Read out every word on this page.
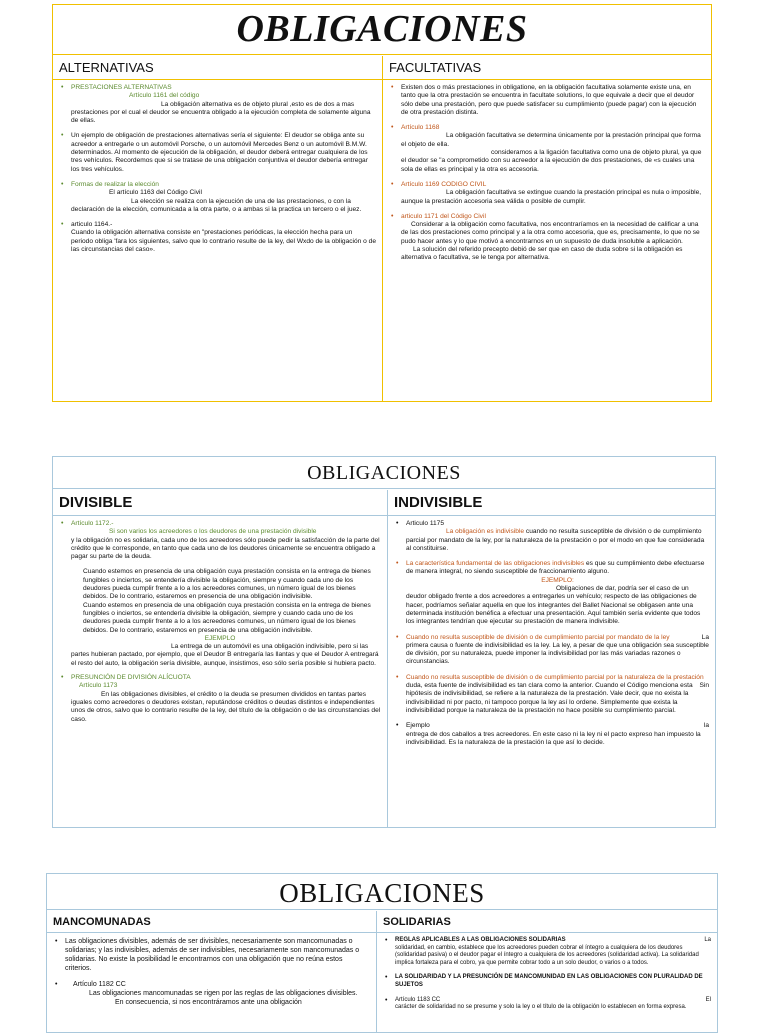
OBLIGACIONES
ALTERNATIVAS
• PRESTACIONES ALTERNATIVAS

Artículo 1161 del código

La obligación alternativa es de objeto plural ,esto es de dos a mas prestaciones por el cual el deudor se encuentra obligado a la ejecución completa de solamente alguna de ellas.

• Un ejemplo de obligación de prestaciones alternativas sería el siguiente: El deudor se obliga ante su acreedor a entregarle o un automóvil Porsche, o un automóvil Mercedes Benz o un automóvil B.M.W. determinados. Al momento de ejecución de la obligación, el deudor deberá entregar cualquiera de los tres vehículos. Recordemos que si se tratase de una obligación conjuntiva el deudor debería entregar los tres vehículos.

• Formas de realizar la elección

El artículo 1163 del Código Civil

La elección se realiza con la ejecución de una de las prestaciones, o con la declaración de la elección, comunicada a la otra parte, o a ambas si la practica un tercero o el juez.

• articulo 1164.-

Cuando la obligación alternativa consiste en "prestaciones periódicas, la elección hecha para un periodo obliga 'fara los siguientes, salvo que lo contrario resulte de la ley, del Wxdo de la obligación o de las circunstancias del caso».

FACULTATIVAS
• Existen dos o más prestaciones in obligatione, en la obligación facultativa solamente existe una, en tanto que la otra prestación se encuentra in facultate solutions, lo que equivale a decir que el deudor sólo debe una prestación, pero que puede satisfacer su cumplimiento (puede pagar) con la ejecución de otra prestación distinta.

• Artículo 1168

La obligación facultativa se determina únicamente por la prestación principal que forma el objeto de ella.

consideramos a la ligación facultativa como una de objeto plural, ya que el deudor se "a comprometido con su acreedor a la ejecución de dos prestaciones, de «s cuales una sola de ellas es principal y la otra es accesoria.

• Artículo 1169 CODIGO CIVIL

La obligación facultativa se extingue cuando la prestación principal es nula o imposible, aunque la prestación accesoria sea válida o posible de cumplir.

• articulo 1171 del Código Civil

Considerar a la obligación como facultativa, nos encontraríamos en la necesidad de calificar a una de las dos prestaciones como principal y a la otra como accesoria, que es, precisamente, lo que no se pudo hacer antes y lo que motivó a encontrarnos en un supuesto de duda insoluble a aplicación.

La solución del referido precepto debió de ser que en caso de duda sobre si la obligación es alternativa o facultativa, se le tenga por alternativa.

OBLIGACIONES
DIVISIBLE
• Artículo 1172.-

Si son varios los acreedores o los deudores de una prestación divisible

y la obligación no es solidaria, cada uno de los acreedores sólo puede pedir la satisfacción de la parte del crédito que le corresponde, en tanto que cada uno de los deudores únicamente se encuentra obligado a pagar su parte de la deuda.

Cuando estemos en presencia de una obligación cuya prestación consista en la entrega de bienes fungibles o inciertos, se entendería divisible la obligación, siempre y cuando cada uno de los deudores pueda cumplir frente a lo a los acreedores comunes, un número igual de los bienes debidos. De lo contrario, estaremos en presencia de una obligación indivisible.

Cuando estemos en presencia de una obligación cuya prestación consista en la entrega de bienes fungibles o inciertos, se entendería divisible la obligación, siempre y cuando cada uno de los deudores pueda cumplir frente a lo a los acreedores comunes, un número igual de los bienes debidos. De lo contrario, estaremos en presencia de una obligación indivisible.

EJEMPLO

La entrega de un automóvil es una obligación indivisible, pero si las partes hubieran pactado, por ejemplo, que el Deudor B entregaría las llantas y que el Deudor A entregará el resto del auto, la obligación sería divisible, aunque, insistimos, eso sólo sería posible si hubiera pacto.

• PRESUNCIÓN DE DIVISIÓN ALÍCUOTA

Artículo 1173

En las obligaciones divisibles, el crédito o la deuda se presumen divididos en tantas partes iguales como acreedores o deudores existan, reputándose créditos o deudas distintos e independientes unos de otros, salvo que lo contrario resulte de la ley, del título de la obligación o de las circunstancias del caso.

INDIVISIBLE
• Articulo 1175

La obligación es indivisible cuando no resulta susceptible de división o de cumplimiento parcial por mandato de la ley, por la naturaleza de la prestación o por el modo en que fue considerada al constituirse.

• La característica fundamental de las obligaciones indivisibles es que su cumplimiento debe efectuarse de manera integral, no siendo susceptible de fraccionamiento alguno.

EJEMPLO:

Obligaciones de dar, podría ser el caso de un deudor obligado frente a dos acreedores a entregarles un vehículo; respecto de las obligaciones de hacer, podríamos señalar aquella en que los integrantes del Ballet Nacional se obligasen ante una determinada institución benéfica a efectuar una presentación. Aquí también sería evidente que todos los integrantes tendrían que ejecutar su prestación de manera indivisible.

• Cuando no resulta susceptible de división o de cumplimiento parcial por mandato de la ley	La

primera causa o fuente de indivisibilidad es la ley. La ley, a pesar de que una obligación sea susceptible de división, por su naturaleza, puede imponer la indivisibilidad por las más variadas razones o circunstancias.

• Cuando no resulta susceptible de división o de cumplimiento parcial por la naturaleza de la prestación
Sin

duda, esta fuente de indivisibilidad es tan clara como la anterior. Cuando el Código menciona esta hipótesis de indivisibilidad, se refiere a la naturaleza de la prestación. Vale decir, que no exista la indivisibilidad ni por pacto, ni tampoco porque la ley así lo ordene. Simplemente que exista la indivisibilidad porque la naturaleza de la prestación no hace posible su cumplimiento parcial.

• Ejemplo	la

entrega de dos caballos a tres acreedores. En este caso ni la ley ni el pacto expreso han impuesto la indivisibilidad. Es la naturaleza de la prestación la que así lo decide.

OBLIGACIONES
MANCOMUNADAS
• Las obligaciones divisibles, además de ser divisibles, necesariamente son mancomunadas o solidarias; y las indivisibles, además de ser indivisibles, necesariamente son mancomunadas o solidarias. No existe la posibilidad le encontrarnos con una obligación que no reúna estos criterios.

•	Artículo 1182 CC

Las obligaciones mancomunadas se rigen por las reglas de las obligaciones divisibles.

En consecuencia, si nos encontráramos ante una obligación

SOLIDARIAS
• REGLAS APLICABLES A LAS OBLIGACIONES SOLIDARIAS	La

solidaridad, en cambio, establece que los acreedores pueden cobrar el íntegro a cualquiera de los deudores (solidaridad pasiva) o el deudor pagar el íntegro a cualquiera de los acreedores (solidaridad activa). La solidaridad implica fortaleza para el cobro, ya que permite cobrar todo a un solo deudor, o varios o a todos.

• LA SOLIDARIDAD Y LA PRESUNCIÓN DE MANCOMUNIDAD EN LAS OBLIGACIONES CON PLURALIDAD DE SUJETOS

• Artículo 1183 CC	El

carácter de solidaridad no se presume y solo la ley o el título de la obligación lo establecen en forma expresa.
